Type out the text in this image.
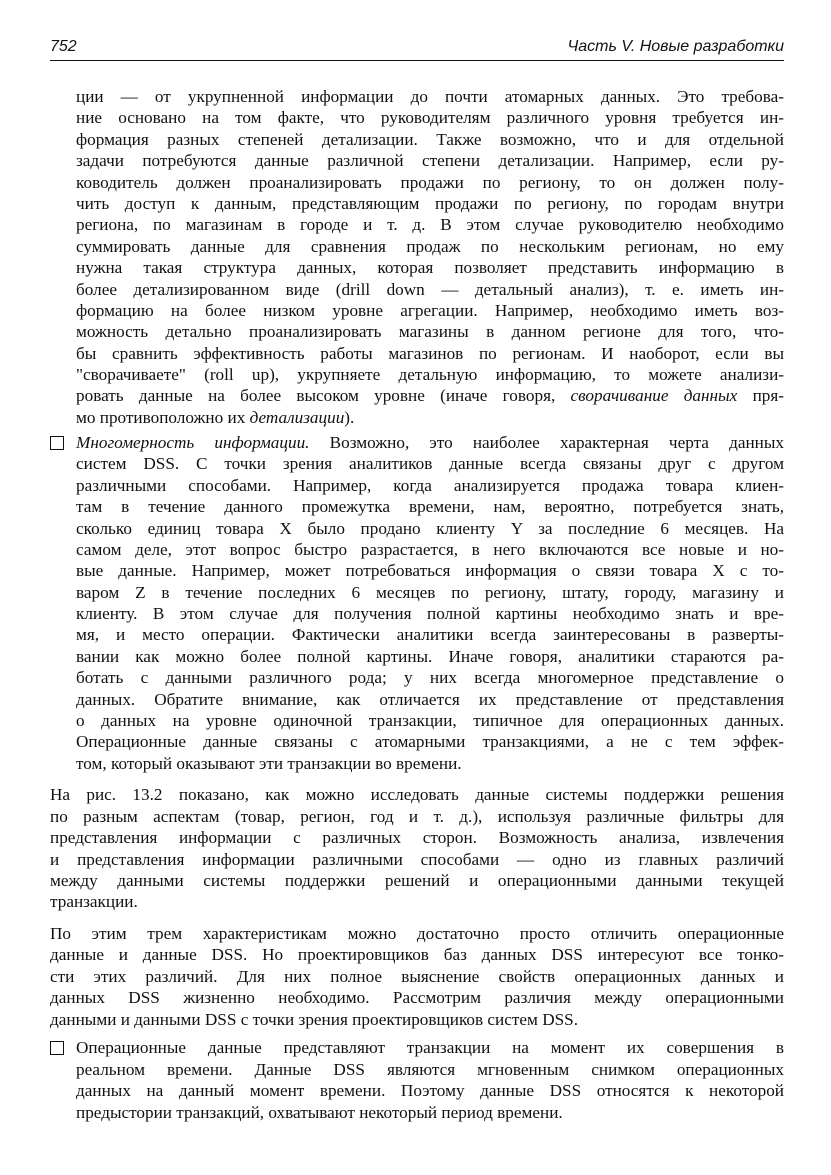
752	Часть V. Новые разработки
ции — от укрупненной информации до почти атомарных данных. Это требова-
ние основано на том факте, что руководителям различного уровня требуется ин-
формация разных степеней детализации. Также возможно, что и для отдельной
задачи потребуются данные различной степени детализации. Например, если ру-
ководитель должен проанализировать продажи по региону, то он должен полу-
чить доступ к данным, представляющим продажи по региону, по городам внутри
региона, по магазинам в городе и т. д. В этом случае руководителю необходимо
суммировать данные для сравнения продаж по нескольким регионам, но ему
нужна такая структура данных, которая позволяет представить информацию в
более детализированном виде (drill down — детальный анализ), т. е. иметь ин-
формацию на более низком уровне агрегации. Например, необходимо иметь воз-
можность детально проанализировать магазины в данном регионе для того, что-
бы сравнить эффективность работы магазинов по регионам. И наоборот, если вы
"сворачиваете" (roll up), укрупняете детальную информацию, то можете анализи-
ровать данные на более высоком уровне (иначе говоря, сворачивание данных пря-
мо противоположно их детализации).
Многомерность информации. Возможно, это наиболее характерная черта данных
систем DSS. С точки зрения аналитиков данные всегда связаны друг с другом
различными способами. Например, когда анализируется продажа товара клиен-
там в течение данного промежутка времени, нам, вероятно, потребуется знать,
сколько единиц товара X было продано клиенту Y за последние 6 месяцев. На
самом деле, этот вопрос быстро разрастается, в него включаются все новые и но-
вые данные. Например, может потребоваться информация о связи товара X с то-
варом Z в течение последних 6 месяцев по региону, штату, городу, магазину и
клиенту. В этом случае для получения полной картины необходимо знать и вре-
мя, и место операции. Фактически аналитики всегда заинтересованы в разверты-
вании как можно более полной картины. Иначе говоря, аналитики стараются ра-
ботать с данными различного рода; у них всегда многомерное представление о
данных. Обратите внимание, как отличается их представление от представления
о данных на уровне одиночной транзакции, типичное для операционных данных.
Операционные данные связаны с атомарными транзакциями, а не с тем эффек-
том, который оказывают эти транзакции во времени.
На рис. 13.2 показано, как можно исследовать данные системы поддержки решения
по разным аспектам (товар, регион, год и т. д.), используя различные фильтры для
представления информации с различных сторон. Возможность анализа, извлечения
и представления информации различными способами — одно из главных различий
между данными системы поддержки решений и операционными данными текущей
транзакции.
По этим трем характеристикам можно достаточно просто отличить операционные
данные и данные DSS. Но проектировщиков баз данных DSS интересуют все тонко-
сти этих различий. Для них полное выяснение свойств операционных данных и
данных DSS жизненно необходимо. Рассмотрим различия между операционными
данными и данными DSS с точки зрения проектировщиков систем DSS.
Операционные данные представляют транзакции на момент их совершения в
реальном времени. Данные DSS являются мгновенным снимком операционных
данных на данный момент времени. Поэтому данные DSS относятся к некоторой
предыстории транзакций, охватывают некоторый период времени.
